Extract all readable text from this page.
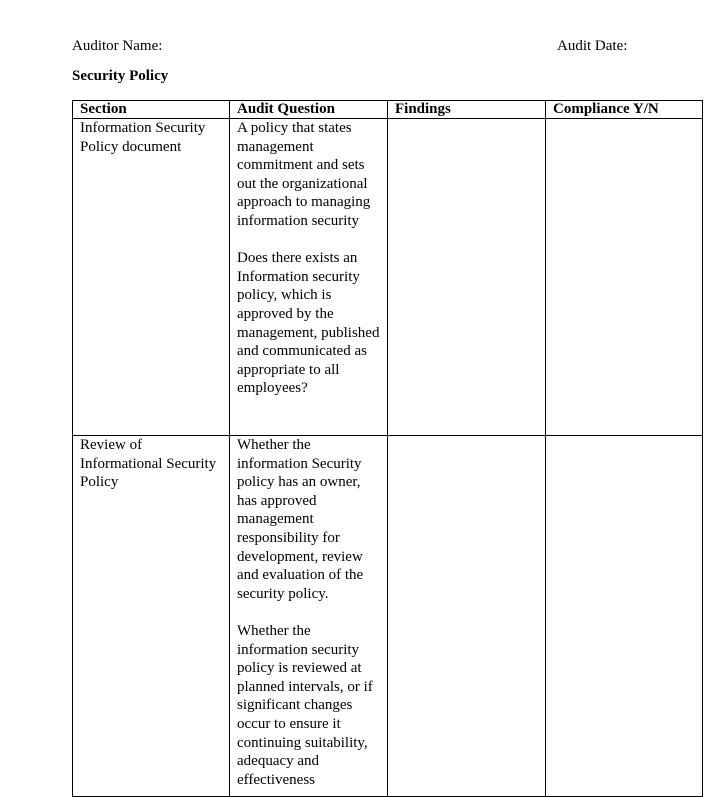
Auditor Name:	Audit Date:
Security Policy
Section	Audit Question	Findings	Compliance Y/N
Information Security Policy document	A policy that states management commitment and sets out the organizational approach to managing information security
Does there exists an Information security policy, which is approved by the management, published and communicated as appropriate to all employees?		

Review of Informational Security Policy	Whether the information Security policy has an owner, has approved management responsibility for development, review and evaluation of the security policy.
Whether the information security policy is reviewed at planned intervals, or if significant changes occur to ensure it continuing suitability, adequacy and effectiveness		
